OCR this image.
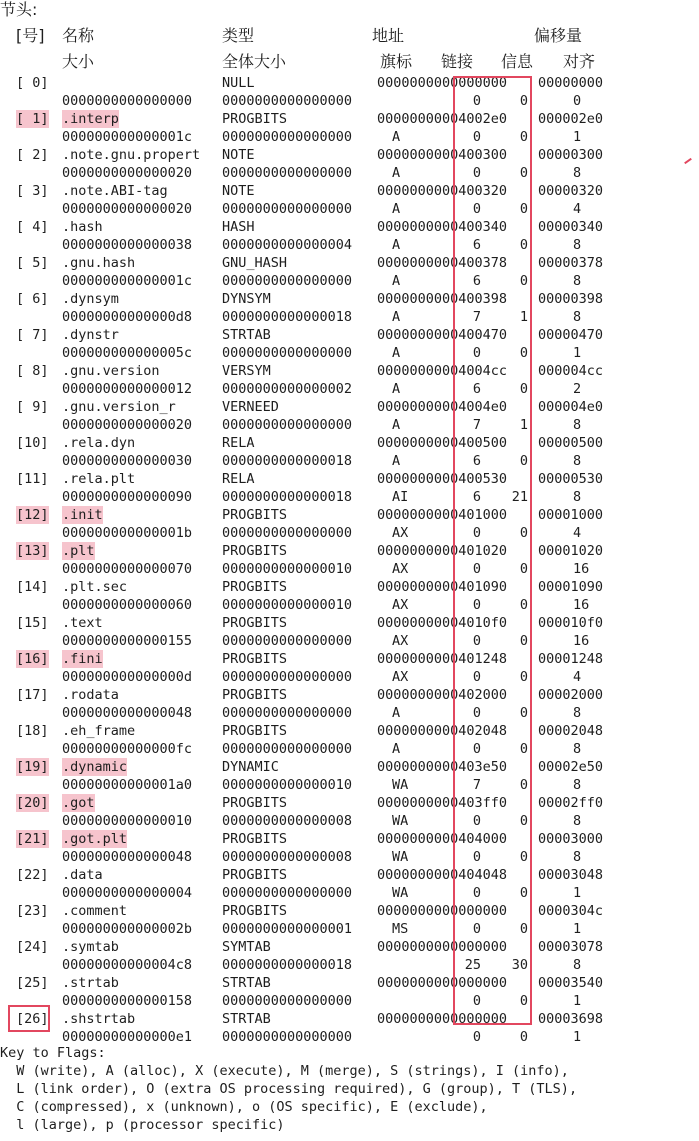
节头:
[号] 名称	类型	地址	偏移量
大小	全体大小	旗标 链接 信息 对齐
[ 0]	NULL	0000000000000000 00000000
0000000000000000 0000000000000000	0	0	0
[ 1] .interp	PROGBITS	00000000004002e0 000002e0
000000000000001c 0000000000000000	A	0	0	1
[ 2] .note.gnu.propert NOTE	0000000000400300 00000300
0000000000000020 0000000000000000	A	0	0	8
[ 3] .note.ABI-tag	NOTE	0000000000400320 00000320
0000000000000020 0000000000000000	A	0	0	4
[ 4] .hash	HASH	0000000000400340 00000340
0000000000000038 0000000000000004	A	6	0	8
[ 5] .gnu.hash	GNU_HASH	0000000000400378 00000378
000000000000001c 0000000000000000	A	6	0	8
[ 6] .dynsym	DYNSYM	0000000000400398 00000398
00000000000000d8 0000000000000018	A	7	1	8
[ 7] .dynstr	STRTAB	0000000000400470 00000470
000000000000005c 0000000000000000	A	0	0	1
[ 8] .gnu.version	VERSYM	00000000004004cc 000004cc
0000000000000012 0000000000000002	A	6	0	2
[ 9] .gnu.version_r	VERNEED	00000000004004e0 000004e0
0000000000000020 0000000000000000	A	7	1	8
[10] .rela.dyn	RELA	0000000000400500 00000500
0000000000000030 0000000000000018	A	6	0	8
[11] .rela.plt	RELA	0000000000400530 00000530
0000000000000090 0000000000000018	AI	6	21	8
[12] .init	PROGBITS	0000000000401000 00001000
000000000000001b 0000000000000000	AX	0	0	4
[13] .plt	PROGBITS	0000000000401020 00001020
0000000000000070 0000000000000010	AX	0	0	16
[14] .plt.sec	PROGBITS	0000000000401090 00001090
0000000000000060 0000000000000010	AX	0	0	16
[15] .text	PROGBITS	00000000004010f0 000010f0
0000000000000155 0000000000000000	AX	0	0	16
[16] .fini	PROGBITS	0000000000401248 00001248
000000000000000d 0000000000000000	AX	0	0	4
[17] .rodata	PROGBITS	0000000000402000 00002000
0000000000000048 0000000000000000	A	0	0	8
[18] .eh_frame	PROGBITS	0000000000402048 00002048
00000000000000fc 0000000000000000	A	0	0	8
[19] .dynamic	DYNAMIC	0000000000403e50 00002e50
00000000000001a0 0000000000000010	WA	7	0	8
[20] .got	PROGBITS	0000000000403ff0 00002ff0
0000000000000010 0000000000000008	WA	0	0	8
[21] .got.plt	PROGBITS	0000000000404000 00003000
0000000000000048 0000000000000008	WA	0	0	8
[22] .data	PROGBITS	0000000000404048 00003048
0000000000000004 0000000000000000	WA	0	0	1
[23] .comment	PROGBITS	0000000000000000 0000304c
000000000000002b 0000000000000001	MS	0	0	1
[24] .symtab	SYMTAB	0000000000000000 00003078
00000000000004c8 0000000000000018	25	30	8
[25] .strtab	STRTAB	0000000000000000 00003540
0000000000000158 0000000000000000	0	0	1
[26] .shstrtab	STRTAB	0000000000000000 00003698
00000000000000e1 0000000000000000	0	0	1
Key to Flags:
W (write), A (alloc), X (execute), M (merge), S (strings), I (info),
L (link order), O (extra OS processing required), G (group), T (TLS),
C (compressed), x (unknown), o (OS specific), E (exclude),
l (large), p (processor specific)
